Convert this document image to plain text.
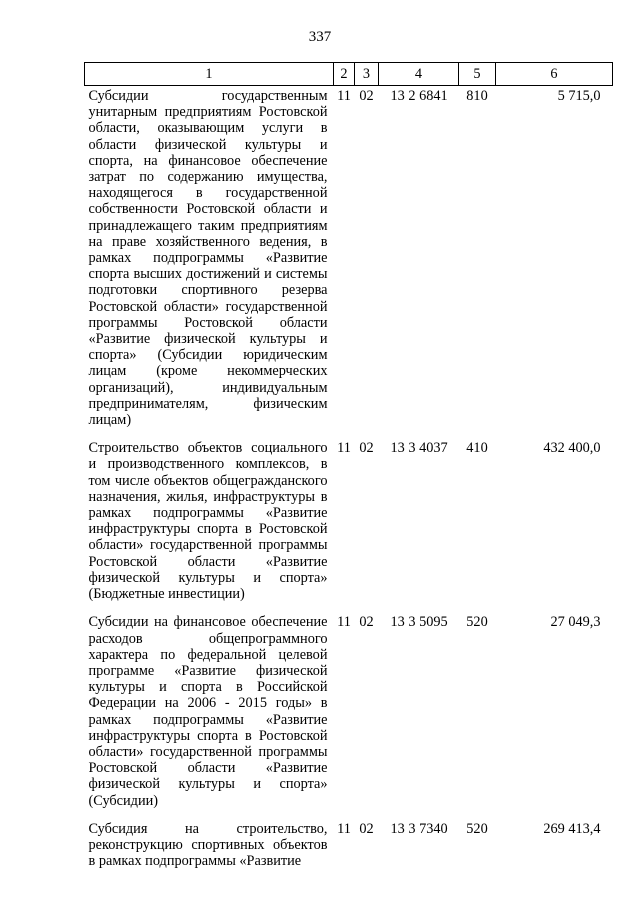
337
1	2	3	4	5	6
Субсидии государственным унитарным предприятиям Ростовской области, оказывающим услуги в области физической культуры и спорта, на финансовое обеспечение затрат по содержанию имущества, находящегося в государственной собственности Ростовской области и принадлежащего таким предприятиям на праве хозяйственного ведения, в рамках подпрограммы «Развитие спорта высших достижений и системы подготовки спортивного резерва Ростовской области» государственной программы Ростовской области «Развитие физической культуры и спорта» (Субсидии юридическим лицам (кроме некоммерческих организаций), индивидуальным предпринимателям, физическим лицам)	11	02	13 2 6841	810	5 715,0
Строительство объектов социального и производственного комплексов, в том числе объектов общегражданского назначения, жилья, инфраструктуры в рамках подпрограммы «Развитие инфраструктуры спорта в Ростовской области» государственной программы Ростовской области «Развитие физической культуры и спорта» (Бюджетные инвестиции)	11	02	13 3 4037	410	432 400,0
Субсидии на финансовое обеспечение расходов общепрограммного характера по федеральной целевой программе «Развитие физической культуры и спорта в Российской Федерации на 2006 - 2015 годы» в рамках подпрограммы «Развитие инфраструктуры спорта в Ростовской области» государственной программы Ростовской области «Развитие физической культуры и спорта» (Субсидии)	11	02	13 3 5095	520	27 049,3
Субсидия на строительство, реконструкцию спортивных объектов в рамках подпрограммы «Развитие	11	02	13 3 7340	520	269 413,4
